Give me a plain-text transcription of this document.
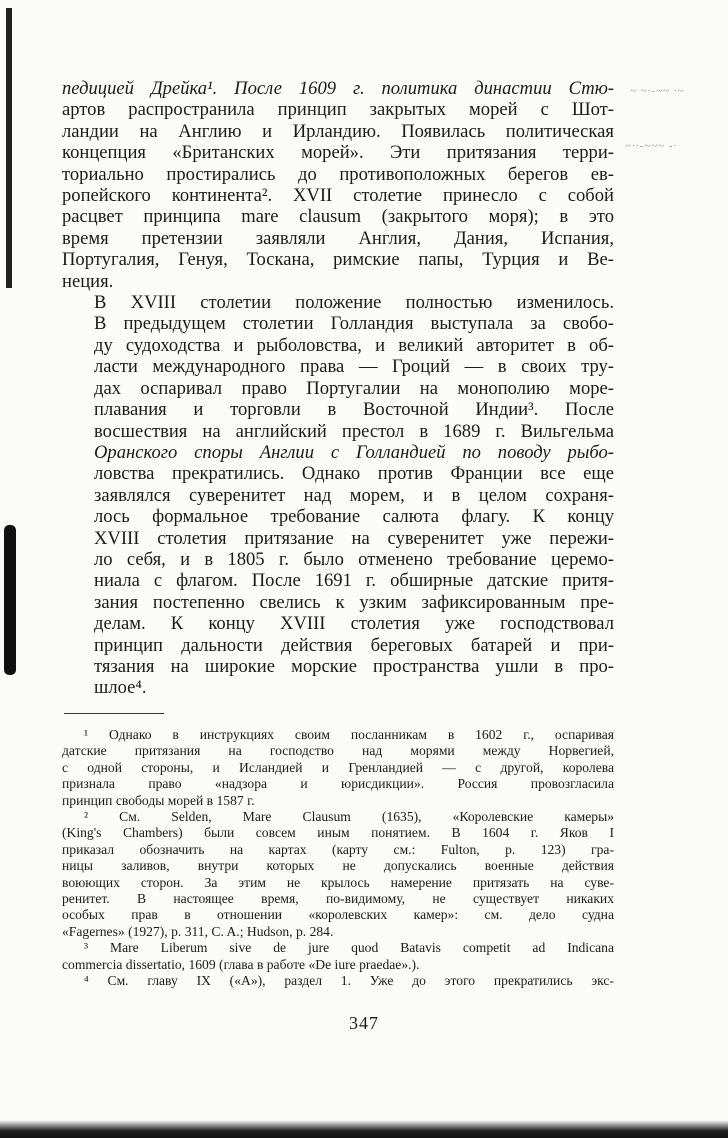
~ ~·-~~ ·~
~··-~~~ -·

педицией Дрейка¹. После 1609 г. политика династии Стю-
артов распространила принцип закрытых морей с Шот-
ландии на Англию и Ирландию. Появилась политическая
концепция «Британских морей». Эти притязания терри-
ториально простирались до противоположных берегов ев-
ропейского континента². XVII столетие принесло с собой
расцвет принципа mare clausum (закрытого моря); в это
время претензии заявляли Англия, Дания, Испания,
Португалия, Генуя, Тоскана, римские папы, Турция и Ве-
неция.

В XVIII столетии положение полностью изменилось.
В предыдущем столетии Голландия выступала за свобо-
ду судоходства и рыболовства, и великий авторитет в об-
ласти международного права — Гроций — в своих тру-
дах оспаривал право Португалии на монополию море-
плавания и торговли в Восточной Индии³. После
восшествия на английский престол в 1689 г. Вильгельма
Оранского споры Англии с Голландией по поводу рыбо-
ловства прекратились. Однако против Франции все еще
заявлялся суверенитет над морем, и в целом сохраня-
лось формальное требование салюта флагу. К концу
XVIII столетия притязание на суверенитет уже пережи-
ло себя, и в 1805 г. было отменено требование церемо-
ниала с флагом. После 1691 г. обширные датские притя-
зания постепенно свелись к узким зафиксированным пре-
делам. К концу XVIII столетия уже господствовал
принцип дальности действия береговых батарей и при-
тязания на широкие морские пространства ушли в про-
шлое⁴.

¹ Однако в инструкциях своим посланникам в 1602 г., оспаривая
датские притязания на господство над морями между Норвегией,
с одной стороны, и Исландией и Гренландией — с другой, королева
признала право «надзора и юрисдикции». Россия провозгласила
принцип свободы морей в 1587 г.

² См. Selden, Mare Clausum (1635), «Королевские камеры»
(King's Chambers) были совсем иным понятием. В 1604 г. Яков I
приказал обозначить на картах (карту см.: Fulton, p. 123) гра-
ницы заливов, внутри которых не допускались военные действия
воюющих сторон. За этим не крылось намерение притязать на суве-
ренитет. В настоящее время, по-видимому, не существует никаких
особых прав в отношении «королевских камер»: см. дело судна
«Fagernes» (1927), p. 311, C. A.; Hudson, p. 284.

³ Mare Liberum sive de jure quod Batavis competit ad Indicana
commercia dissertatio, 1609 (глава в работе «De iure praedae».).

⁴ См. главу IX («А»), раздел 1. Уже до этого прекратились экс-

347
